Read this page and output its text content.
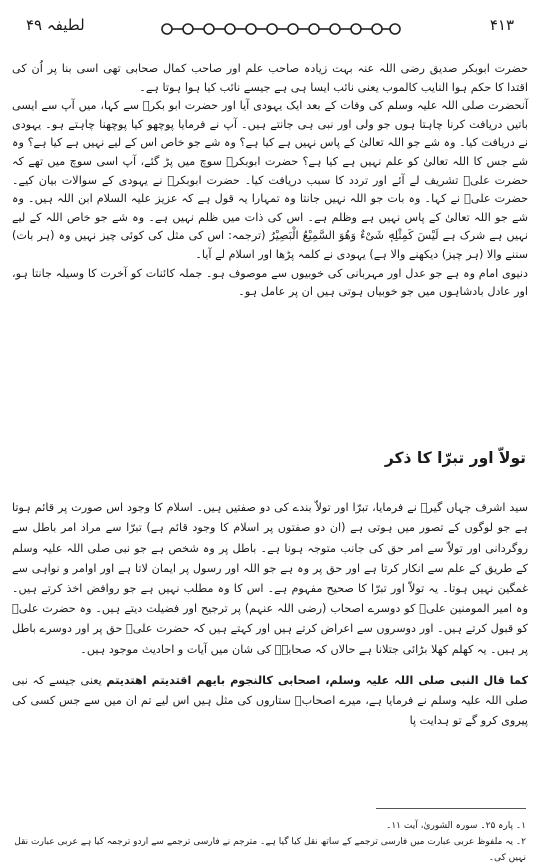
لطیفہ ۴۹	۴۱۳

حضرت ابوبکر صدیق رضی اللہ عنہ بہت زیادہ صاحب علم اور صاحب کمال صحابی تھی اسی بنا پر اُن کی اقتدا کا حکم ہوا النایب کالموب یعنی نائب ایسا ہی ہے جیسے نائب کیا ہوا ہوتا ہے۔

آنحضرت صلی اللہ علیہ وسلم کی وفات کے بعد ایک یہودی آیا اور حضرت ابو بکرؓ سے کہا، میں آپ سے ایسی باتیں دریافت کرنا چاہتا ہوں جو ولی اور نبی ہی جانتے ہیں۔ آپ نے فرمایا پوچھو کیا پوچھنا چاہتے ہو۔ یہودی نے دریافت کیا۔ وہ شے جو اللہ تعالیٰ کے پاس نہیں ہے کیا ہے؟ وہ شے جو خاص اس کے لیے نہیں ہے کیا ہے؟ وہ شے جس کا اللہ تعالیٰ کو علم نہیں ہے کیا ہے؟ حضرت ابوبکرؓ سوچ میں پڑ گئے، آپ اسی سوچ میں تھے کہ حضرت علیؓ تشریف لے آئے اور تردد کا سبب دریافت کیا۔ حضرت ابوبکرؓ نے یہودی کے سوالات بیان کیے۔ حضرت علیؓ نے کہا۔ وہ بات جو اللہ نہیں جانتا وہ تمہارا یہ قول ہے کہ عزیز علیہ السلام ابن اللہ ہیں۔ وہ شے جو اللہ تعالیٰ کے پاس نہیں ہے وظلم ہے۔ اس کی ذات میں ظلم نہیں ہے۔ وہ شے جو خاص اللہ کے لیے نہیں ہے شرک ہے لَیْسَ کَمِثْلِهٖ شَیْءٌ وَهُوَ السَّمِیْعُ الْبَصِیْرُ (ترجمہ: اس کی مثل کی کوئی چیز نہیں وہ (ہر بات) سننے والا (ہر چیز) دیکھنے والا ہے) یہودی نے کلمہ پڑھا اور اسلام لے آیا۔

دنیوی امام وہ ہے جو عدل اور مہربانی کی خوبیوں سے موصوف ہو۔ جملہ کائنات کو آخرت کا وسیلہ جانتا ہو، اور عادل بادشاہوں میں جو خوبیاں ہوتی ہیں ان پر عامل ہو۔

تولاّ اور تبرّا کا ذکر

سید اشرف جہاں گیرؒ نے فرمایا، تبرّا اور تولاّ بندے کی دو صفتیں ہیں۔ اسلام کا وجود اس صورت پر قائم ہوتا ہے جو لوگوں کے تصور میں ہوتی ہے (ان دو صفتوں پر اسلام کا وجود قائم ہے) تبرّا سے مراد امر باطل سے روگردانی اور تولاّ سے امر حق کی جانب متوجہ ہونا ہے۔ باطل پر وہ شخص ہے جو نبی صلی اللہ علیہ وسلم کے طریق کے علم سے انکار کرتا ہے اور حق پر وہ ہے جو اللہ اور رسول پر ایمان لاتا ہے اور اوامر و نواہی سے غمگین نہیں ہوتا۔ یہ تولاّ اور تبرّا کا صحیح مفہوم ہے۔ اس کا وہ مطلب نہیں ہے جو روافض اخذ کرتے ہیں۔ وہ امیر المومنین علیؓ کو دوسرے اصحاب (رضی اللہ عنہم) پر ترجیح اور فضیلت دیتے ہیں۔ وہ حضرت علیؓ کو قبول کرتے ہیں۔ اور دوسروں سے اعراض کرتے ہیں اور کہتے ہیں کہ حضرت علیؓ حق پر اور دوسرے باطل پر ہیں۔ یہ کھلم کھلا بڑائی جتلانا ہے حالاں کہ صحابہؓ کی شان میں آیات و احادیث موجود ہیں۔

کما قال النبی صلی اللہ علیہ وسلم، اصحابی کالنجوم بایھم اقتدیتم اھتدیتم یعنی جیسے کہ نبی صلی اللہ علیہ وسلم نے فرمایا ہے، میرے اصحابؓ ستاروں کی مثل ہیں اس لیے تم ان میں سے جس کسی کی پیروی کرو گے تو ہدایت پا

۱۔ پارہ ۲۵۔ سورہ الشوریٰ، آیت ۱۱۔

۲۔ یہ ملفوظ عربی عبارت میں فارسی ترجمے کے ساتھ نقل کیا گیا ہے۔ مترجم نے فارسی ترجمے سے اردو ترجمہ کیا ہے عربی عبارت نقل نہیں کی۔
